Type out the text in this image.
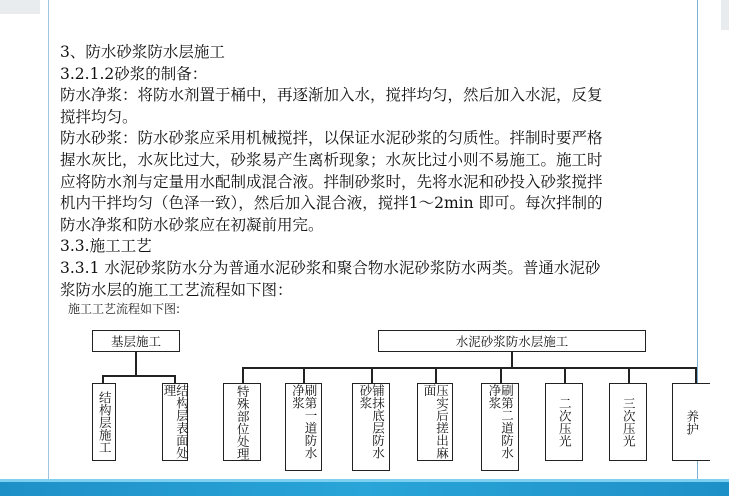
3、防水砂浆防水层施工

3.2.1.2砂浆的制备：

防水净浆：将防水剂置于桶中，再逐渐加入水，搅拌均匀，然后加入水泥，反复

搅拌均匀。

防水砂浆：防水砂浆应采用机械搅拌，以保证水泥砂浆的匀质性。拌制时要严格

握水灰比，水灰比过大，砂浆易产生离析现象；水灰比过小则不易施工。施工时

应将防水剂与定量用水配制成混合液。拌制砂浆时，先将水泥和砂投入砂浆搅拌

机内干拌均匀（色泽一致），然后加入混合液，搅拌1～2min 即可。每次拌制的

防水净浆和防水砂浆应在初凝前用完。

3.3.施工工艺

3.3.1 水泥砂浆防水分为普通水泥砂浆和聚合物水泥砂浆防水两类。普通水泥砂

浆防水层的施工工艺流程如下图：

施工工艺流程如下图:
基层施工
结构层施工	结构层表面处理
水泥砂浆防水层施工
特殊部位处理	刷第一道防水净浆	铺抹底层防水砂浆	压实后搓出麻面	刷第二道防水净浆
二次压光	三次压光	养护
